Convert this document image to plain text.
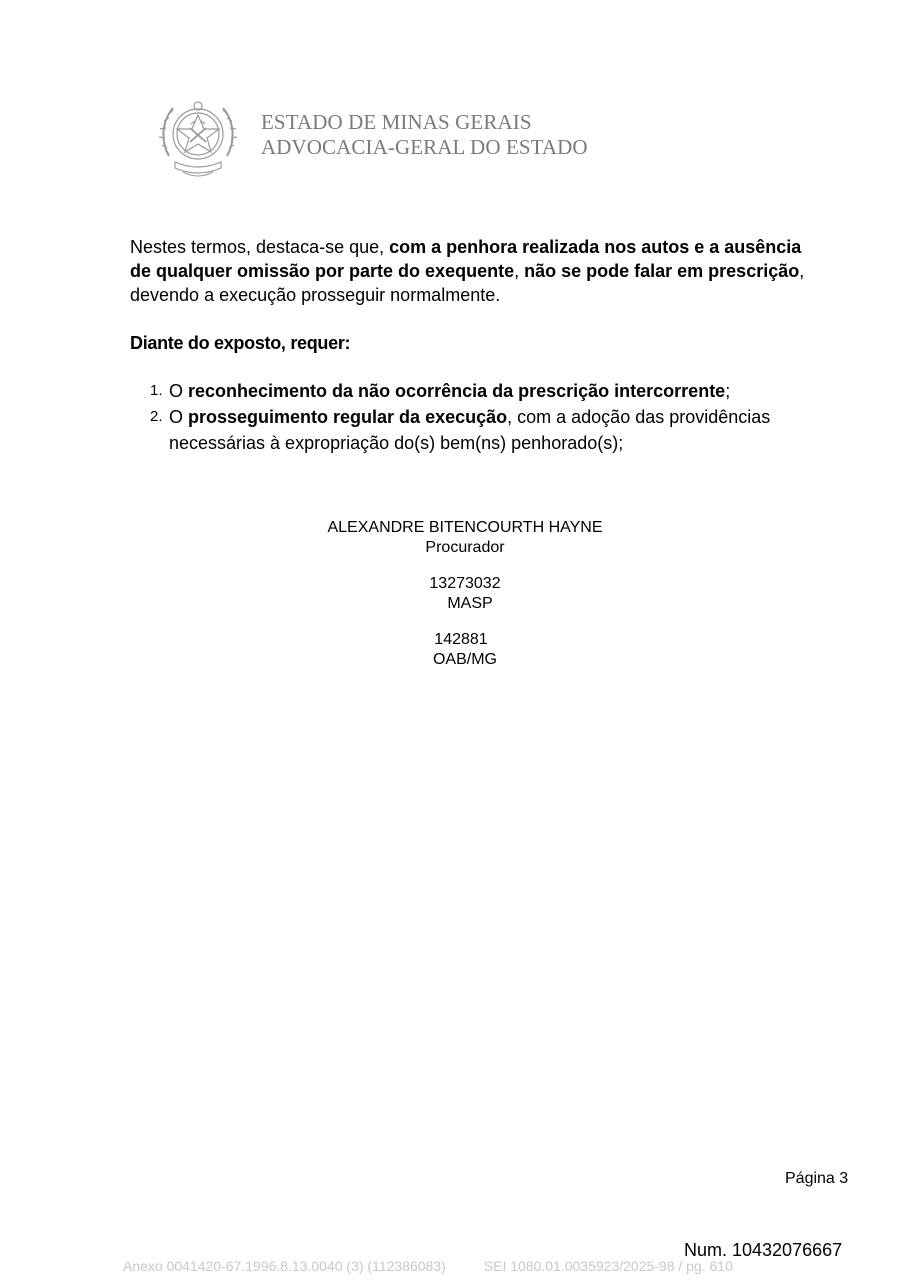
ESTADO DE MINAS GERAIS
ADVOCACIA-GERAL DO ESTADO

Nestes termos, destaca-se que, com a penhora realizada nos autos e a ausência de qualquer omissão por parte do exequente, não se pode falar em prescrição, devendo a execução prosseguir normalmente.

Diante do exposto, requer:
1. O reconhecimento da não ocorrência da prescrição intercorrente;
2. O prosseguimento regular da execução, com a adoção das providências necessárias à expropriação do(s) bem(ns) penhorado(s);
ALEXANDRE BITENCOURTH HAYNE
Procurador
13273032
MASP
142881
OAB/MG
Página 3
Num. 10432076667
Anexo 0041420-67.1996.8.13.0040 (3) (112386083)	SEI 1080.01.0035923/2025-98 / pg. 610
